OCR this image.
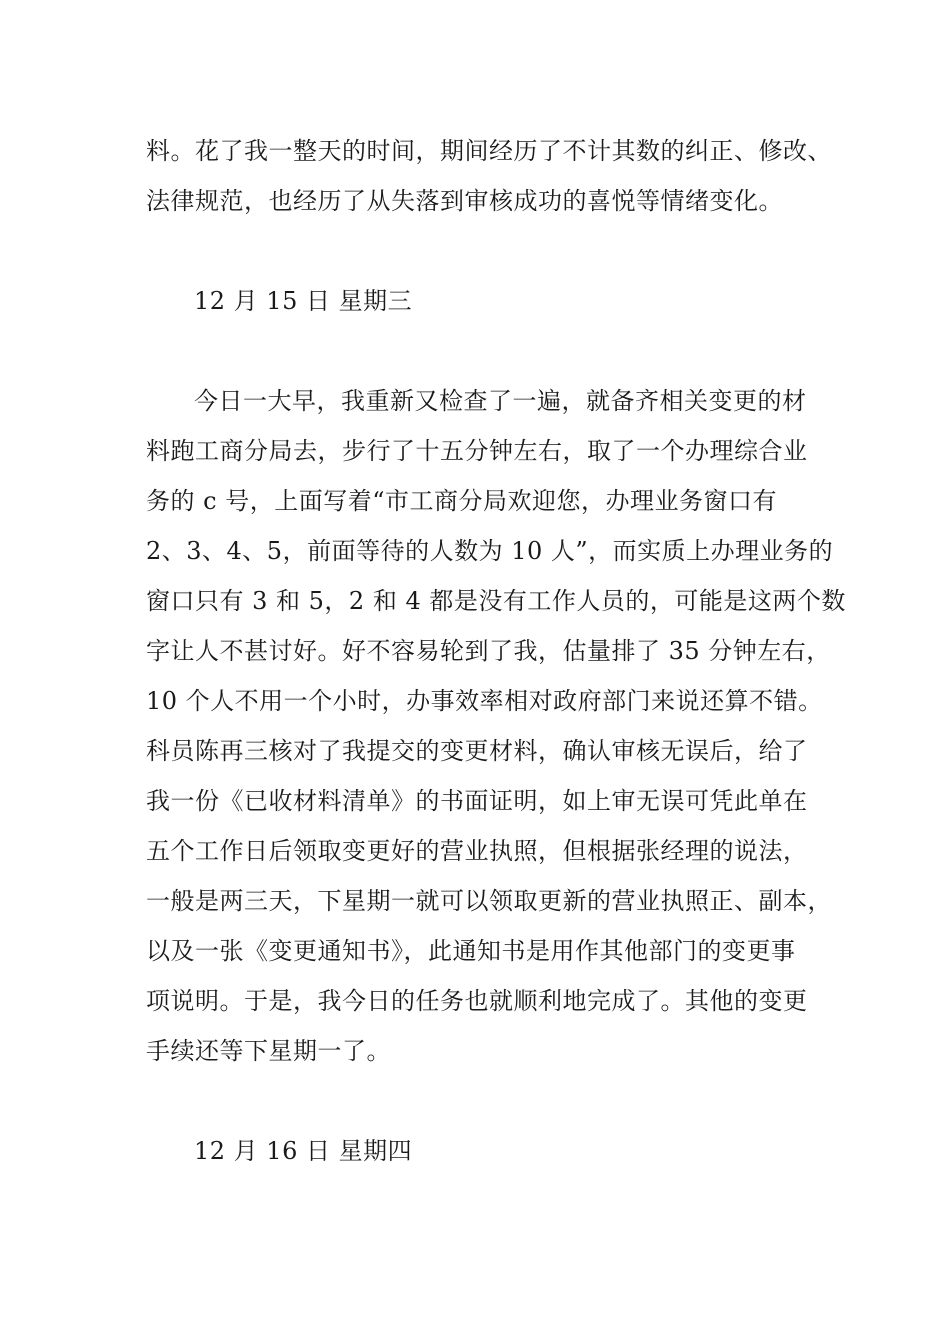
料。花了我一整天的时间，期间经历了不计其数的纠正、修改、
法律规范，也经历了从失落到审核成功的喜悦等情绪变化。
12 月 15 日 星期三
今日一大早，我重新又检查了一遍，就备齐相关变更的材
料跑工商分局去，步行了十五分钟左右，取了一个办理综合业
务的 c 号，上面写着“市工商分局欢迎您，办理业务窗口有
2、3、4、5，前面等待的人数为 10 人”，而实质上办理业务的
窗口只有 3 和 5，2 和 4 都是没有工作人员的，可能是这两个数
字让人不甚讨好。好不容易轮到了我，估量排了 35 分钟左右，
10 个人不用一个小时，办事效率相对政府部门来说还算不错。
科员陈再三核对了我提交的变更材料，确认审核无误后，给了
我一份《已收材料清单》的书面证明，如上审无误可凭此单在
五个工作日后领取变更好的营业执照，但根据张经理的说法，
一般是两三天，下星期一就可以领取更新的营业执照正、副本，
以及一张《变更通知书》，此通知书是用作其他部门的变更事
项说明。于是，我今日的任务也就顺利地完成了。其他的变更
手续还等下星期一了。
12 月 16 日 星期四
